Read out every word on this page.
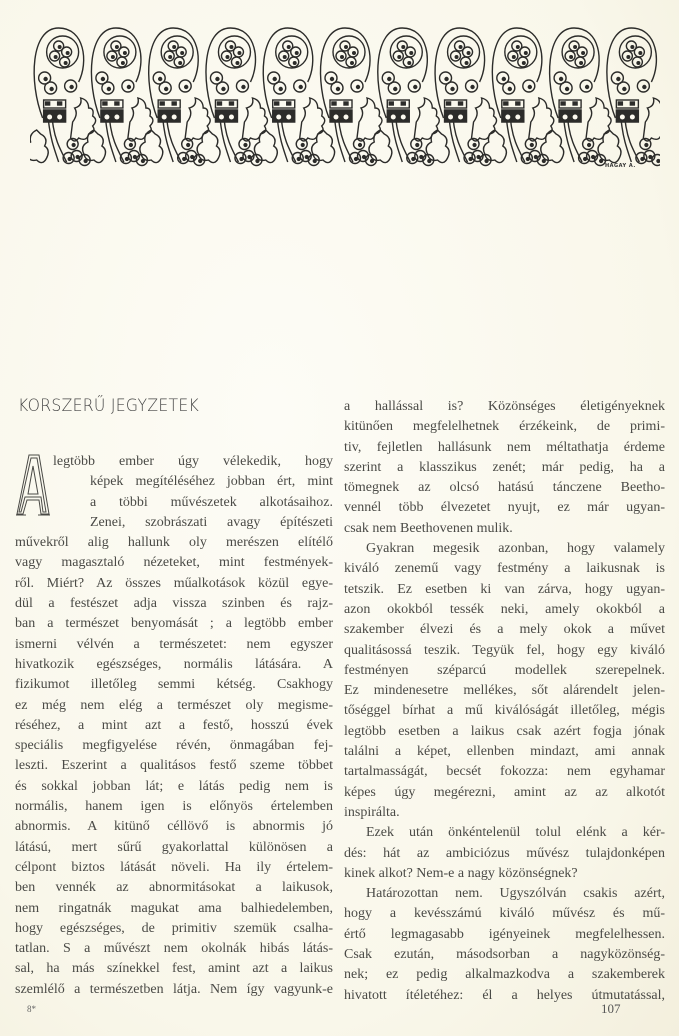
HAGAY A.
KORSZERŰ JEGYZETEK
legtöbb ember úgy vélekedik, hogy
képek megítéléséhez jobban ért, mint
a többi művészetek alkotásaihoz.
Zenei, szobrászati avagy építészeti
művekről alig hallunk oly merészen elítélő
vagy magasztaló nézeteket, mint festmények-
ről. Miért? Az összes műalkotások közül egye-
dül a festészet adja vissza szinben és rajz-
ban a természet benyomását ; a legtöbb ember
ismerni vélvén a természetet: nem egyszer
hivatkozik egészséges, normális látására. A
fizikumot illetőleg semmi kétség. Csakhogy
ez még nem elég a természet oly megisme-
réséhez, a mint azt a festő, hosszú évek
speciális megfigyelése révén, önmagában fej-
leszti. Eszerint a qualitásos festő szeme többet
és sokkal jobban lát; e látás pedig nem is
normális, hanem igen is előnyös értelemben
abnormis. A kitünő céllövő is abnormis jó
látású, mert sűrű gyakorlattal különösen a
célpont biztos látását növeli. Ha ily értelem-
ben vennék az abnormitásokat a laikusok,
nem ringatnák magukat ama balhiedelemben,
hogy egészséges, de primitiv szemük csalha-
tatlan. S a művészt nem okolnák hibás látás-
sal, ha más színekkel fest, amint azt a laikus
szemlélő a természetben látja. Nem így vagyunk-e
a hallással is? Közönséges életigényeknek
kitünően megfelelhetnek érzékeink, de primi-
tiv, fejletlen hallásunk nem méltathatja érdeme
szerint a klasszikus zenét; már pedig, ha a
tömegnek az olcsó hatású tánczene Beetho-
vennél több élvezetet nyujt, ez már ugyan-
csak nem Beethovenen mulik.
Gyakran megesik azonban, hogy valamely
kiváló zenemű vagy festmény a laikusnak is
tetszik. Ez esetben ki van zárva, hogy ugyan-
azon okokból tessék neki, amely okokból a
szakember élvezi és a mely okok a művet
qualitásossá teszik. Tegyük fel, hogy egy kiváló
festményen széparcú modellek szerepelnek.
Ez mindenesetre mellékes, sőt alárendelt jelen-
tőséggel bírhat a mű kiválóságát illetőleg, mégis
legtöbb esetben a laikus csak azért fogja jónak
találni a képet, ellenben mindazt, ami annak
tartalmasságát, becsét fokozza: nem egyhamar
képes úgy megérezni, amint az az alkotót
inspirálta.
Ezek után önkéntelenül tolul elénk a kér-
dés: hát az ambiciózus művész tulajdonképen
kinek alkot? Nem-e a nagy közönségnek?
Határozottan nem. Ugyszólván csakis azért,
hogy a kevésszámú kiváló művész és mű-
értő legmagasabb igényeinek megfelelhessen.
Csak ezután, másodsorban a nagyközönség-
nek; ez pedig alkalmazkodva a szakemberek
hivatott ítéletéhez: él a helyes útmutatással,
8*	107
